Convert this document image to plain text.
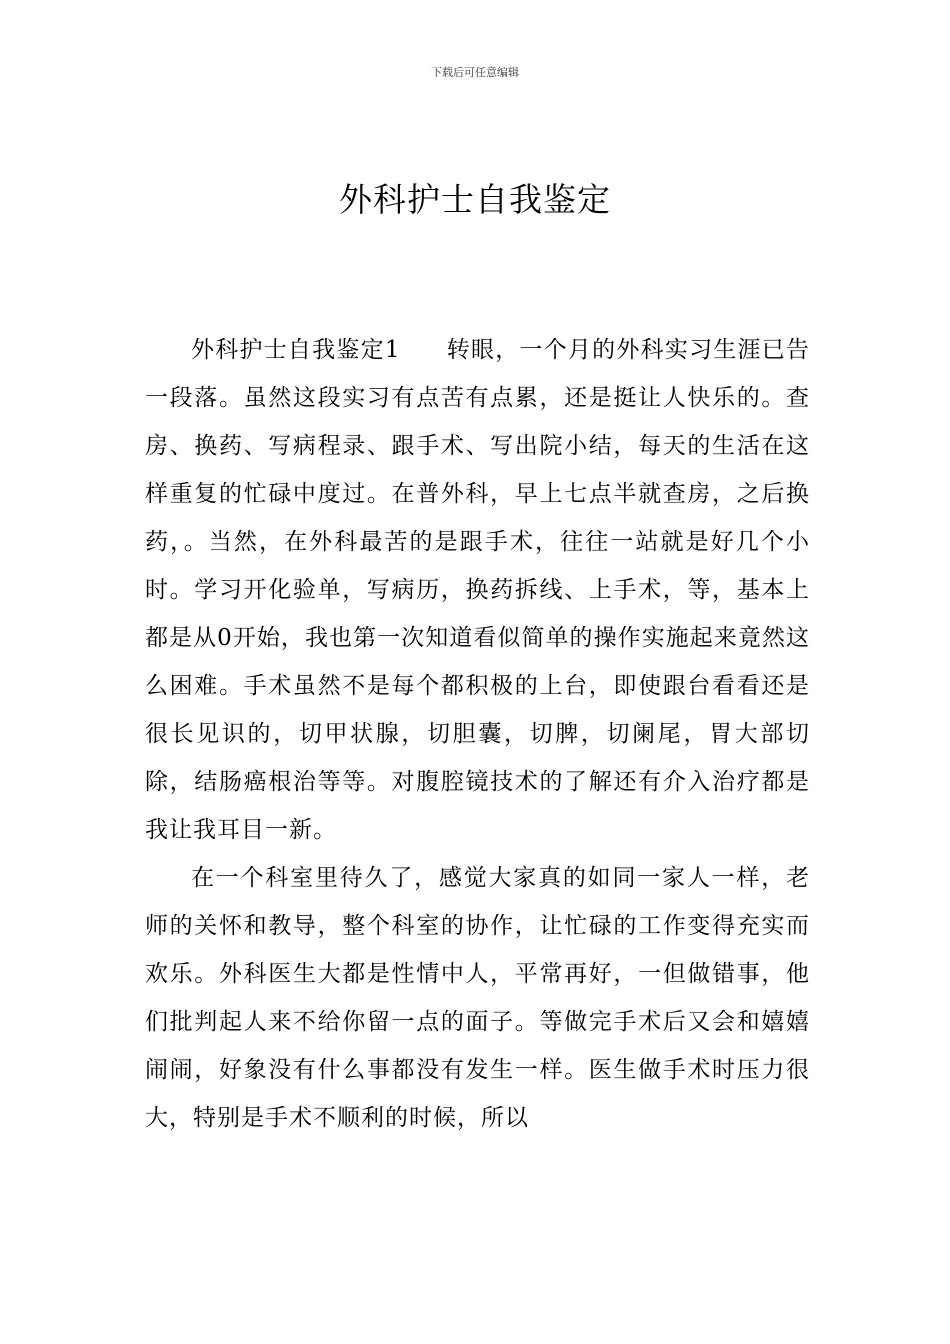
下载后可任意编辑
外科护士自我鉴定

外科护士自我鉴定1 转眼，一个月的外科实习生涯已告一段落。虽然这段实习有点苦有点累，还是挺让人快乐的。查房、换药、写病程录、跟手术、写出院小结，每天的生活在这样重复的忙碌中度过。在普外科，早上七点半就查房，之后换药，。当然，在外科最苦的是跟手术，往往一站就是好几个小时。学习开化验单，写病历，换药拆线、上手术，等，基本上都是从0开始，我也第一次知道看似简单的操作实施起来竟然这么困难。手术虽然不是每个都积极的上台，即使跟台看看还是很长见识的，切甲状腺，切胆囊，切脾，切阑尾，胃大部切除，结肠癌根治等等。对腹腔镜技术的了解还有介入治疗都是我让我耳目一新。

在一个科室里待久了，感觉大家真的如同一家人一样，老师的关怀和教导，整个科室的协作，让忙碌的工作变得充实而欢乐。外科医生大都是性情中人，平常再好，一但做错事，他们批判起人来不给你留一点的面子。等做完手术后又会和嬉嬉闹闹，好象没有什么事都没有发生一样。医生做手术时压力很大，特别是手术不顺利的时候，所以
